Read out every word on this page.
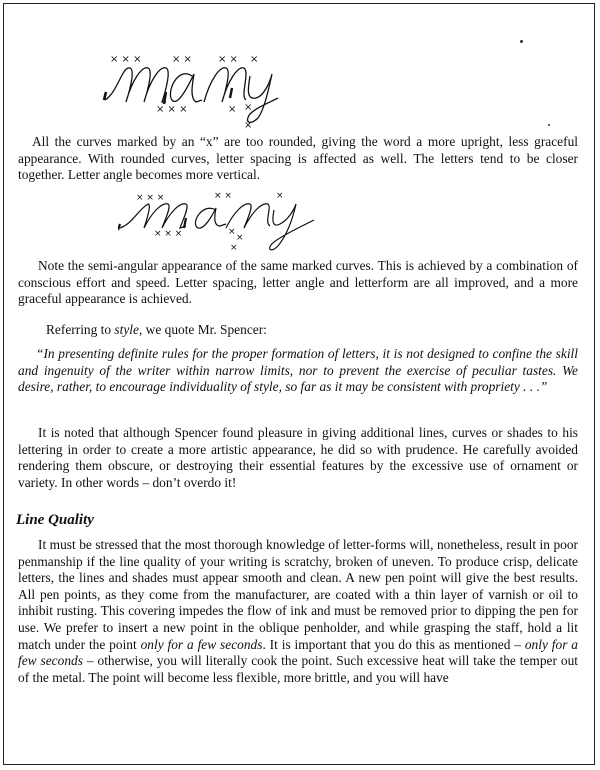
× × ×	× ×	× × ×
× × ×	× ×
×

All the curves marked by an “x” are too rounded, giving the word a more upright, less graceful appearance. With rounded curves, letter spacing is affected as well. The letters tend to be closer together. Letter angle becomes more vertical.

× × ×	× ×	×
× × ×	×
×
×

Note the semi-angular appearance of the same marked curves. This is achieved by a combination of conscious effort and speed. Letter spacing, letter angle and letterform are all improved, and a more graceful appearance is achieved.

Referring to style, we quote Mr. Spencer:

“In presenting definite rules for the proper formation of letters, it is not designed to confine the skill and ingenuity of the writer within narrow limits, nor to prevent the exercise of peculiar tastes. We desire, rather, to encourage individuality of style, so far as it may be consistent with propriety . . .”

It is noted that although Spencer found pleasure in giving additional lines, curves or shades to his lettering in order to create a more artistic appearance, he did so with prudence. He carefully avoided rendering them obscure, or destroying their essential features by the excessive use of ornament or variety. In other words – don’t overdo it!

Line Quality

It must be stressed that the most thorough knowledge of letter-forms will, nonetheless, result in poor penmanship if the line quality of your writing is scratchy, broken of uneven. To produce crisp, delicate letters, the lines and shades must appear smooth and clean. A new pen point will give the best results. All pen points, as they come from the manufacturer, are coated with a thin layer of varnish or oil to inhibit rusting. This covering impedes the flow of ink and must be removed prior to dipping the pen for use. We prefer to insert a new point in the oblique penholder, and while grasping the staff, hold a lit match under the point only for a few seconds. It is important that you do this as mentioned – only for a few seconds – otherwise, you will literally cook the point. Such excessive heat will take the temper out of the metal. The point will become less flexible, more brittle, and you will have
